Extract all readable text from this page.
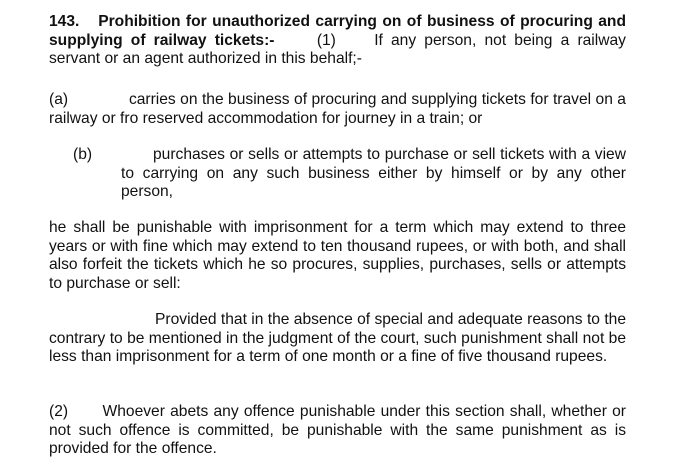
143. Prohibition for unauthorized carrying on of business of procuring and supplying of railway tickets:-	(1) If any person, not being a railway servant or an agent authorized in this behalf;-
(a)	carries on the business of procuring and supplying tickets for travel on a railway or fro reserved accommodation for journey in a train; or
(b)	purchases or sells or attempts to purchase or sell tickets with a view to carrying on any such business either by himself or by any other person,
he shall be punishable with imprisonment for a term which may extend to three years or with fine which may extend to ten thousand rupees, or with both, and shall also forfeit the tickets which he so procures, supplies, purchases, sells or attempts to purchase or sell:
Provided that in the absence of special and adequate reasons to the contrary to be mentioned in the judgment of the court, such punishment shall not be less than imprisonment for a term of one month or a fine of five thousand rupees.
(2) Whoever abets any offence punishable under this section shall, whether or not such offence is committed, be punishable with the same punishment as is provided for the offence.
